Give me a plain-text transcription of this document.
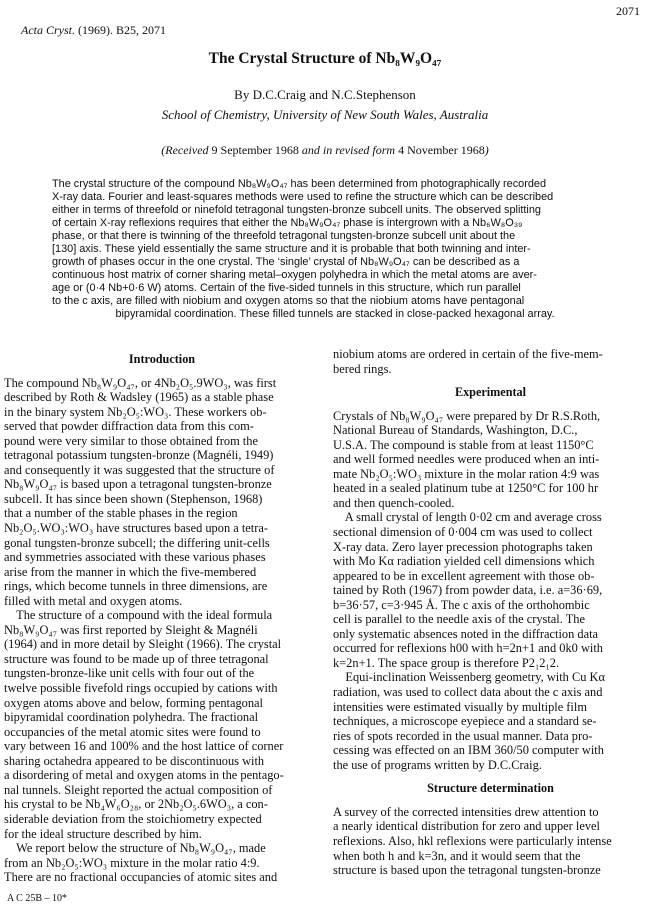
2071
Acta Cryst. (1969). B25, 2071
The Crystal Structure of Nb₈W₉O₄₇
By D.C.Craig and N.C.Stephenson
School of Chemistry, University of New South Wales, Australia
(Received 9 September 1968 and in revised form 4 November 1968)
The crystal structure of the compound Nb₈W₉O₄₇ has been determined from photographically recorded
X-ray data. Fourier and least-squares methods were used to refine the structure which can be described
either in terms of threefold or ninefold tetragonal tungsten-bronze subcell units. The observed splitting
of certain X-ray reflexions requires that either the Nb₈W₉O₄₇ phase is intergrown with a Nb₆W₈O₃₉
phase, or that there is twinning of the threefold tetragonal tungsten-bronze subcell unit about the
[130] axis. These yield essentially the same structure and it is probable that both twinning and inter-
growth of phases occur in the one crystal. The ‘single’ crystal of Nb₈W₉O₄₇ can be described as a
continuous host matrix of corner sharing metal–oxygen polyhedra in which the metal atoms are aver-
age or (0·4 Nb+0·6 W) atoms. Certain of the five-sided tunnels in this structure, which run parallel
to the c axis, are filled with niobium and oxygen atoms so that the niobium atoms have pentagonal
bipyramidal coordination. These filled tunnels are stacked in close-packed hexagonal array.
Introduction
The compound Nb₈W₉O₄₇, or 4Nb₂O₅.9WO₃, was first
described by Roth & Wadsley (1965) as a stable phase
in the binary system Nb₂O₅:WO₃. These workers ob-
served that powder diffraction data from this com-
pound were very similar to those obtained from the
tetragonal potassium tungsten-bronze (Magnéli, 1949)
and consequently it was suggested that the structure of
Nb₈W₉O₄₇ is based upon a tetragonal tungsten-bronze
subcell. It has since been shown (Stephenson, 1968)
that a number of the stable phases in the region
Nb₂O₅.WO₃:WO₃ have structures based upon a tetra-
gonal tungsten-bronze subcell; the differing unit-cells
and symmetries associated with these various phases
arise from the manner in which the five-membered
rings, which become tunnels in three dimensions, are
filled with metal and oxygen atoms.
The structure of a compound with the ideal formula
Nb₈W₉O₄₇ was first reported by Sleight & Magnéli
(1964) and in more detail by Sleight (1966). The crystal
structure was found to be made up of three tetragonal
tungsten-bronze-like unit cells with four out of the
twelve possible fivefold rings occupied by cations with
oxygen atoms above and below, forming pentagonal
bipyramidal coordination polyhedra. The fractional
occupancies of the metal atomic sites were found to
vary between 16 and 100% and the host lattice of corner
sharing octahedra appeared to be discontinuous with
a disordering of metal and oxygen atoms in the pentago-
nal tunnels. Sleight reported the actual composition of
his crystal to be Nb₄W₆O₂₈, or 2Nb₂O₅.6WO₃, a con-
siderable deviation from the stoichiometry expected
for the ideal structure described by him.
We report below the structure of Nb₈W₉O₄₇, made
from an Nb₂O₅:WO₃ mixture in the molar ratio 4:9.
There are no fractional occupancies of atomic sites and
niobium atoms are ordered in certain of the five-mem-
bered rings.
Experimental
Crystals of Nb₈W₉O₄₇ were prepared by Dr R.S.Roth,
National Bureau of Standards, Washington, D.C.,
U.S.A. The compound is stable from at least 1150°C
and well formed needles were produced when an inti-
mate Nb₂O₅:WO₃ mixture in the molar ration 4:9 was
heated in a sealed platinum tube at 1250°C for 100 hr
and then quench-cooled.
A small crystal of length 0·02 cm and average cross
sectional dimension of 0·004 cm was used to collect
X-ray data. Zero layer precession photographs taken
with Mo Kα radiation yielded cell dimensions which
appeared to be in excellent agreement with those ob-
tained by Roth (1967) from powder data, i.e. a=36·69,
b=36·57, c=3·945 Å. The c axis of the orthohombic
cell is parallel to the needle axis of the crystal. The
only systematic absences noted in the diffraction data
occurred for reflexions h00 with h=2n+1 and 0k0 with
k=2n+1. The space group is therefore P2₁2₁2.
Equi-inclination Weissenberg geometry, with Cu Kα
radiation, was used to collect data about the c axis and
intensities were estimated visually by multiple film
techniques, a microscope eyepiece and a standard se-
ries of spots recorded in the usual manner. Data pro-
cessing was effected on an IBM 360/50 computer with
the use of programs written by D.C.Craig.
Structure determination
A survey of the corrected intensities drew attention to
a nearly identical distribution for zero and upper level
reflexions. Also, hkl reflexions were particularly intense
when both h and k=3n, and it would seem that the
structure is based upon the tetragonal tungsten-bronze
A C 25B – 10*
